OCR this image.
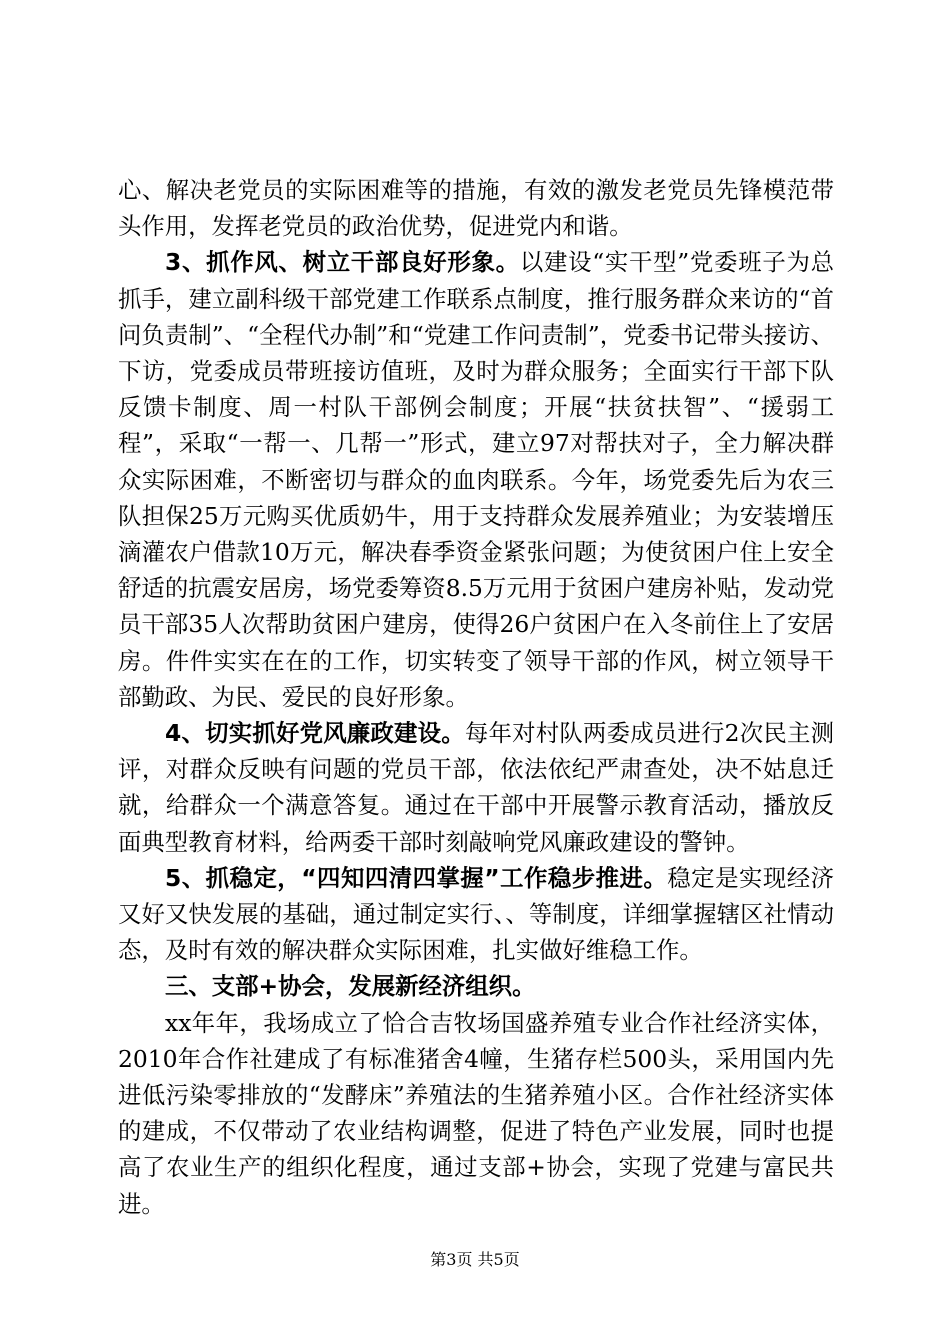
心、解决老党员的实际困难等的措施，有效的激发老党员先锋模范带头作用，发挥老党员的政治优势，促进党内和谐。

3、抓作风、树立干部良好形象。以建设“实干型”党委班子为总抓手，建立副科级干部党建工作联系点制度，推行服务群众来访的“首问负责制”、“全程代办制”和“党建工作问责制”，党委书记带头接访、下访，党委成员带班接访值班，及时为群众服务；全面实行干部下队反馈卡制度、周一村队干部例会制度；开展“扶贫扶智”、“援弱工程”，采取“一帮一、几帮一”形式，建立97对帮扶对子，全力解决群众实际困难，不断密切与群众的血肉联系。今年，场党委先后为农三队担保25万元购买优质奶牛，用于支持群众发展养殖业；为安装增压滴灌农户借款10万元，解决春季资金紧张问题；为使贫困户住上安全舒适的抗震安居房，场党委筹资8.5万元用于贫困户建房补贴，发动党员干部35人次帮助贫困户建房，使得26户贫困户在入冬前住上了安居房。件件实实在在的工作，切实转变了领导干部的作风，树立领导干部勤政、为民、爱民的良好形象。

4、切实抓好党风廉政建设。每年对村队两委成员进行2次民主测评，对群众反映有问题的党员干部，依法依纪严肃查处，决不姑息迁就，给群众一个满意答复。通过在干部中开展警示教育活动，播放反面典型教育材料，给两委干部时刻敲响党风廉政建设的警钟。

5、抓稳定，“四知四清四掌握”工作稳步推进。稳定是实现经济又好又快发展的基础，通过制定实行、、等制度，详细掌握辖区社情动态，及时有效的解决群众实际困难，扎实做好维稳工作。

三、支部+协会，发展新经济组织。

xx年年，我场成立了恰合吉牧场国盛养殖专业合作社经济实体，2010年合作社建成了有标准猪舍4幢，生猪存栏500头，采用国内先进低污染零排放的“发酵床”养殖法的生猪养殖小区。合作社经济实体的建成，不仅带动了农业结构调整，促进了特色产业发展，同时也提高了农业生产的组织化程度，通过支部+协会，实现了党建与富民共进。

第3页 共5页
